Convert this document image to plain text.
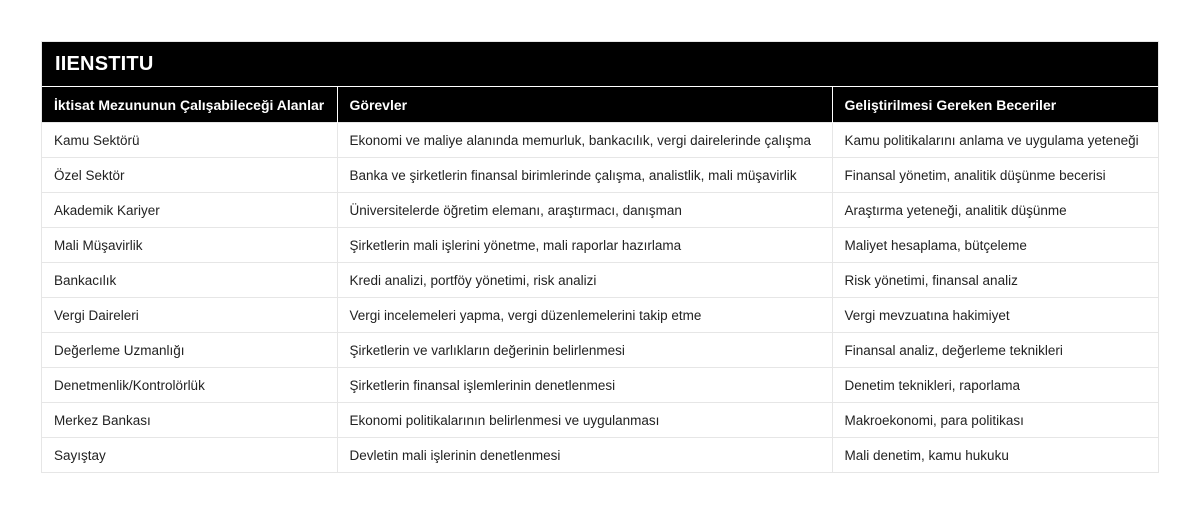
IIENSTITU		
İktisat Mezununun Çalışabileceği Alanlar	Görevler	Geliştirilmesi Gereken Beceriler
Kamu Sektörü	Ekonomi ve maliye alanında memurluk, bankacılık, vergi dairelerinde çalışma	Kamu politikalarını anlama ve uygulama yeteneği
Özel Sektör	Banka ve şirketlerin finansal birimlerinde çalışma, analistlik, mali müşavirlik	Finansal yönetim, analitik düşünme becerisi
Akademik Kariyer	Üniversitelerde öğretim elemanı, araştırmacı, danışman	Araştırma yeteneği, analitik düşünme
Mali Müşavirlik	Şirketlerin mali işlerini yönetme, mali raporlar hazırlama	Maliyet hesaplama, bütçeleme
Bankacılık	Kredi analizi, portföy yönetimi, risk analizi	Risk yönetimi, finansal analiz
Vergi Daireleri	Vergi incelemeleri yapma, vergi düzenlemelerini takip etme	Vergi mevzuatına hakimiyet
Değerleme Uzmanlığı	Şirketlerin ve varlıkların değerinin belirlenmesi	Finansal analiz, değerleme teknikleri
Denetmenlik/Kontrolörlük	Şirketlerin finansal işlemlerinin denetlenmesi	Denetim teknikleri, raporlama
Merkez Bankası	Ekonomi politikalarının belirlenmesi ve uygulanması	Makroekonomi, para politikası
Sayıştay	Devletin mali işlerinin denetlenmesi	Mali denetim, kamu hukuku
